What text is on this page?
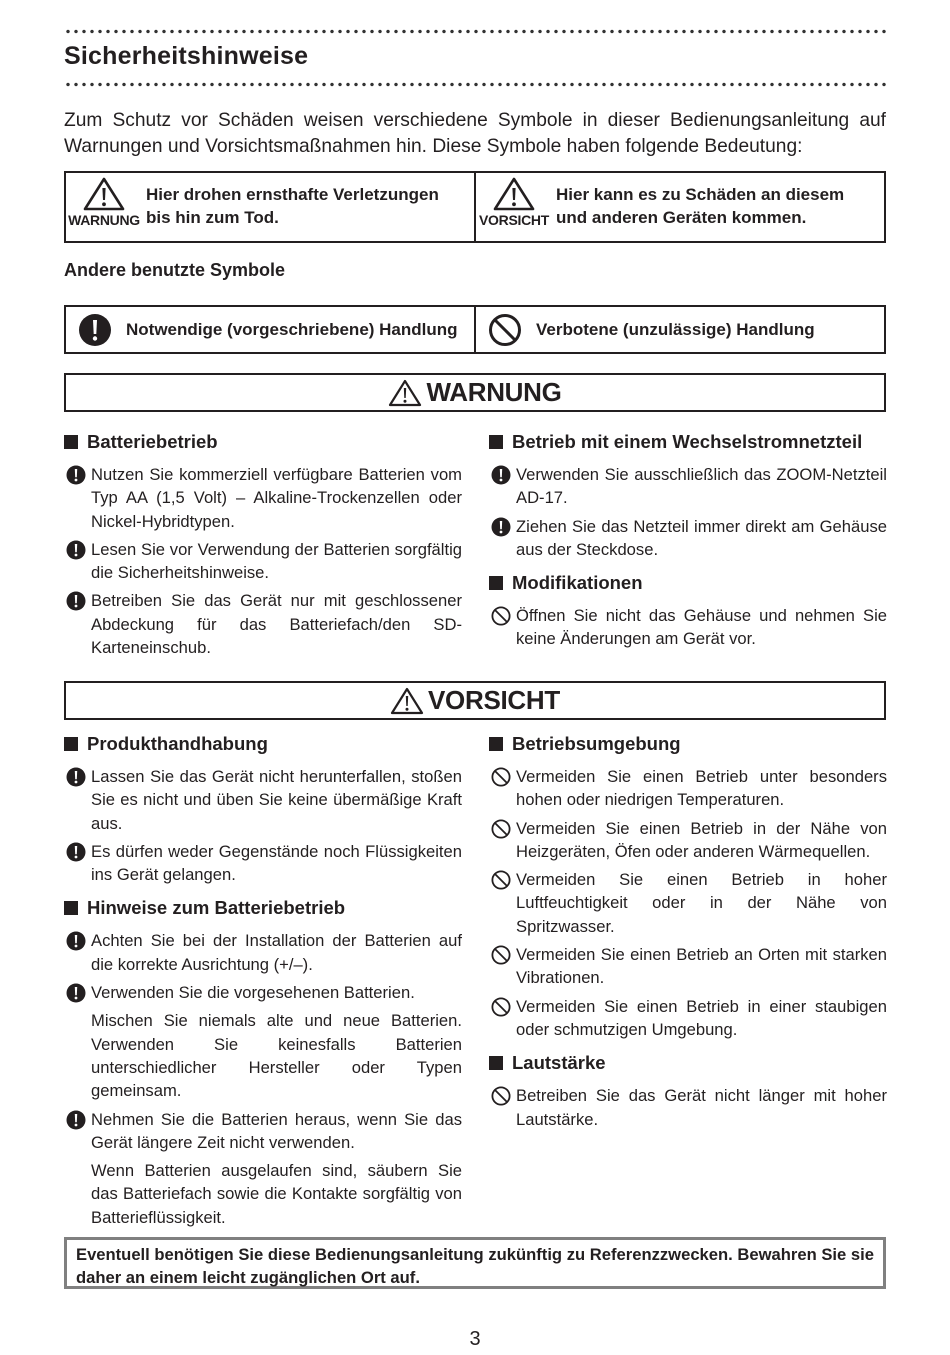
Sicherheitshinweise

Zum Schutz vor Schäden weisen verschiedene Symbole in dieser Bedienungsanleitung auf Warnungen und Vorsichtsmaßnahmen hin. Diese Symbole haben folgende Bedeutung:

WARNUNG
Hier drohen ernsthafte Verletzungen bis hin zum Tod.	VORSICHT
Hier kann es zu Schäden an diesem und anderen Geräten kommen.
Andere benutzte Symbole
Notwendige (vorgeschriebene) Handlung	Verbotene (unzulässige) Handlung
WARNUNG
Batteriebetrieb
Nutzen Sie kommerziell verfügbare Batterien vom Typ AA (1,5 Volt) – Alkaline-Trockenzellen oder Nickel-Hybridtypen.
Lesen Sie vor Verwendung der Batterien sorgfältig die Sicherheitshinweise.
Betreiben Sie das Gerät nur mit geschlossener Abdeckung für das Batteriefach/den SD-Karteneinschub.
Betrieb mit einem Wechselstromnetzteil
Verwenden Sie ausschließlich das ZOOM-Netzteil AD-17.
Ziehen Sie das Netzteil immer direkt am Gehäuse aus der Steckdose.
Modifikationen
Öffnen Sie nicht das Gehäuse und nehmen Sie keine Änderungen am Gerät vor.
VORSICHT
Produkthandhabung
Lassen Sie das Gerät nicht herunterfallen, stoßen Sie es nicht und üben Sie keine übermäßige Kraft aus.
Es dürfen weder Gegenstände noch Flüssigkeiten ins Gerät gelangen.
Hinweise zum Batteriebetrieb
Achten Sie bei der Installation der Batterien auf die korrekte Ausrichtung (+/–).
Verwenden Sie die vorgesehenen Batterien.
Mischen Sie niemals alte und neue Batterien. Verwenden Sie keinesfalls Batterien unterschiedlicher Hersteller oder Typen gemeinsam.
Nehmen Sie die Batterien heraus, wenn Sie das Gerät längere Zeit nicht verwenden.
Wenn Batterien ausgelaufen sind, säubern Sie das Batteriefach sowie die Kontakte sorgfältig von Batterieflüssigkeit.
Betriebsumgebung
Vermeiden Sie einen Betrieb unter besonders hohen oder niedrigen Temperaturen.
Vermeiden Sie einen Betrieb in der Nähe von Heizgeräten, Öfen oder anderen Wärmequellen.
Vermeiden Sie einen Betrieb in hoher Luftfeuchtigkeit oder in der Nähe von Spritzwasser.
Vermeiden Sie einen Betrieb an Orten mit starken Vibrationen.
Vermeiden Sie einen Betrieb in einer staubigen oder schmutzigen Umgebung.
Lautstärke
Betreiben Sie das Gerät nicht länger mit hoher Lautstärke.
Eventuell benötigen Sie diese Bedienungsanleitung zukünftig zu Referenzzwecken. Bewahren Sie sie daher an einem leicht zugänglichen Ort auf.
3
